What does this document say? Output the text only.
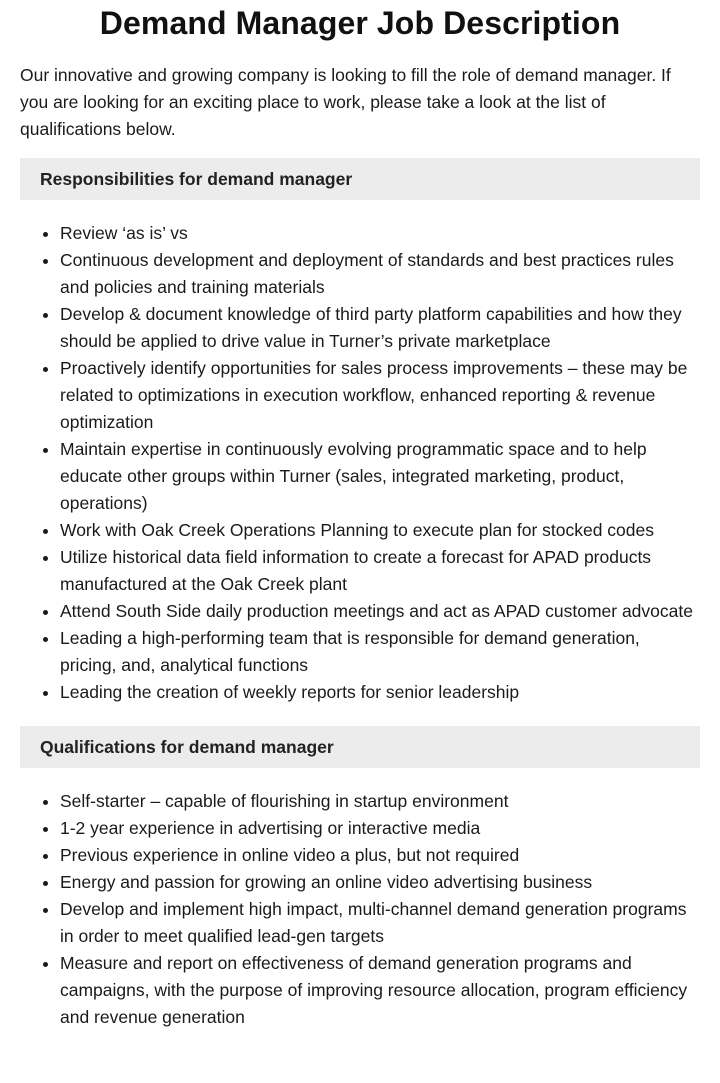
Demand Manager Job Description

Our innovative and growing company is looking to fill the role of demand manager. If you are looking for an exciting place to work, please take a look at the list of qualifications below.

Responsibilities for demand manager
• Review ‘as is’ vs
• Continuous development and deployment of standards and best practices rules and policies and training materials
• Develop & document knowledge of third party platform capabilities and how they should be applied to drive value in Turner’s private marketplace
• Proactively identify opportunities for sales process improvements – these may be related to optimizations in execution workflow, enhanced reporting & revenue optimization
• Maintain expertise in continuously evolving programmatic space and to help educate other groups within Turner (sales, integrated marketing, product, operations)
• Work with Oak Creek Operations Planning to execute plan for stocked codes
• Utilize historical data field information to create a forecast for APAD products manufactured at the Oak Creek plant
• Attend South Side daily production meetings and act as APAD customer advocate
• Leading a high-performing team that is responsible for demand generation, pricing, and, analytical functions
• Leading the creation of weekly reports for senior leadership
Qualifications for demand manager
• Self-starter – capable of flourishing in startup environment
• 1-2 year experience in advertising or interactive media
• Previous experience in online video a plus, but not required
• Energy and passion for growing an online video advertising business
• Develop and implement high impact, multi-channel demand generation programs in order to meet qualified lead-gen targets
• Measure and report on effectiveness of demand generation programs and campaigns, with the purpose of improving resource allocation, program efficiency and revenue generation
